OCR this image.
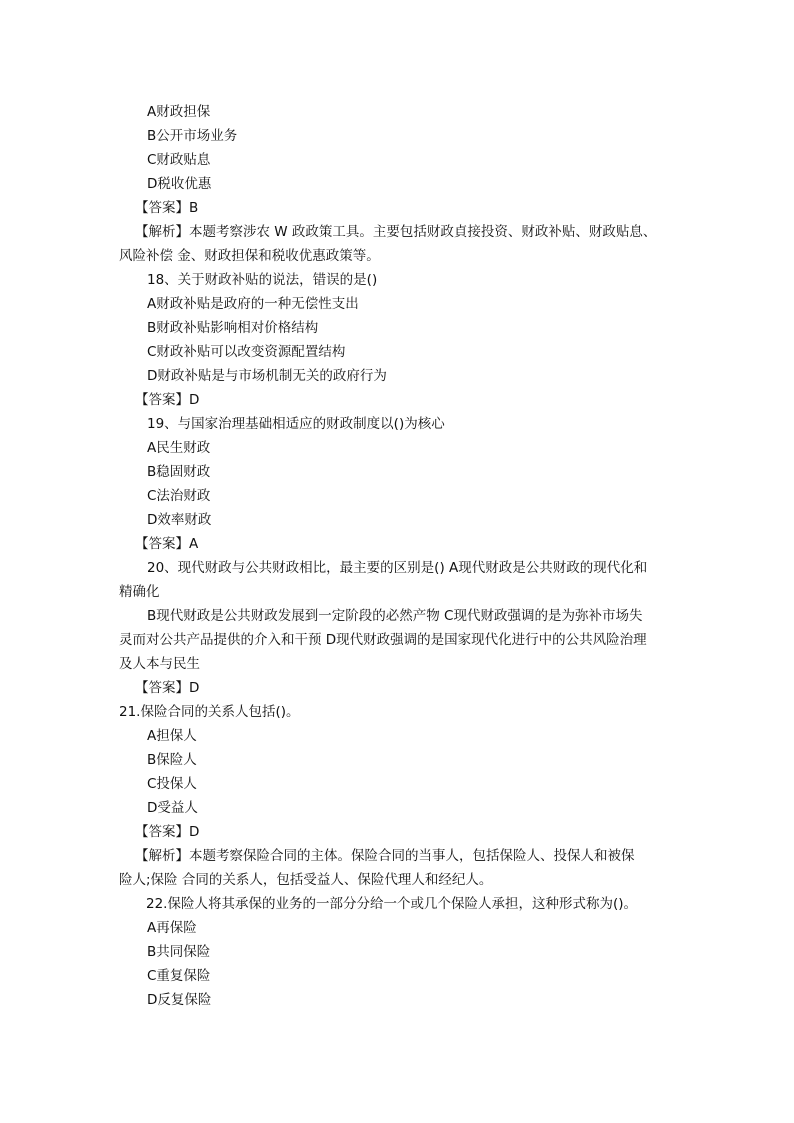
A财政担保
B公开市场业务
C财政贴息
D税收优惠
【答案】B
【解析】本题考察涉农 W 政政策工具。主要包括财政貞接投资、财政补贴、财政贴息、
风险补偿 金、财政担保和税收优惠政策等。
18、关于财政补贴的说法，错误的是()
A财政补贴是政府的一种无偿性支出
B财政补贴影响相对价格结构
C财政补贴可以改变资源配置结构
D财政补贴是与市场机制无关的政府行为
【答案】D
19、与国家治理基础相适应的财政制度以()为核心
A民生财政
B稳固财政
C法治财政
D效率财政
【答案】A
20、现代财政与公共财政相比，最主要的区别是() A现代财政是公共财政的现代化和
精确化
B现代财政是公共财政发展到一定阶段的必然产物 C现代财政强调的是为弥补市场失
灵而对公共产品提供的介入和干预 D现代财政强调的是国家现代化进行中的公共风险治理
及人本与民生
【答案】D
21.保险合同的关系人包括()。
A担保人
B保险人
C投保人
D受益人
【答案】D
【解析】本题考察保险合同的主体。保险合同的当事人，包括保险人、投保人和被保
险人;保险 合同的关系人，包括受益人、保险代理人和经纪人。
22.保险人将其承保的业务的一部分分给一个或几个保险人承担，这种形式称为()。
A再保险
B共同保险
C重复保险
D反复保险
